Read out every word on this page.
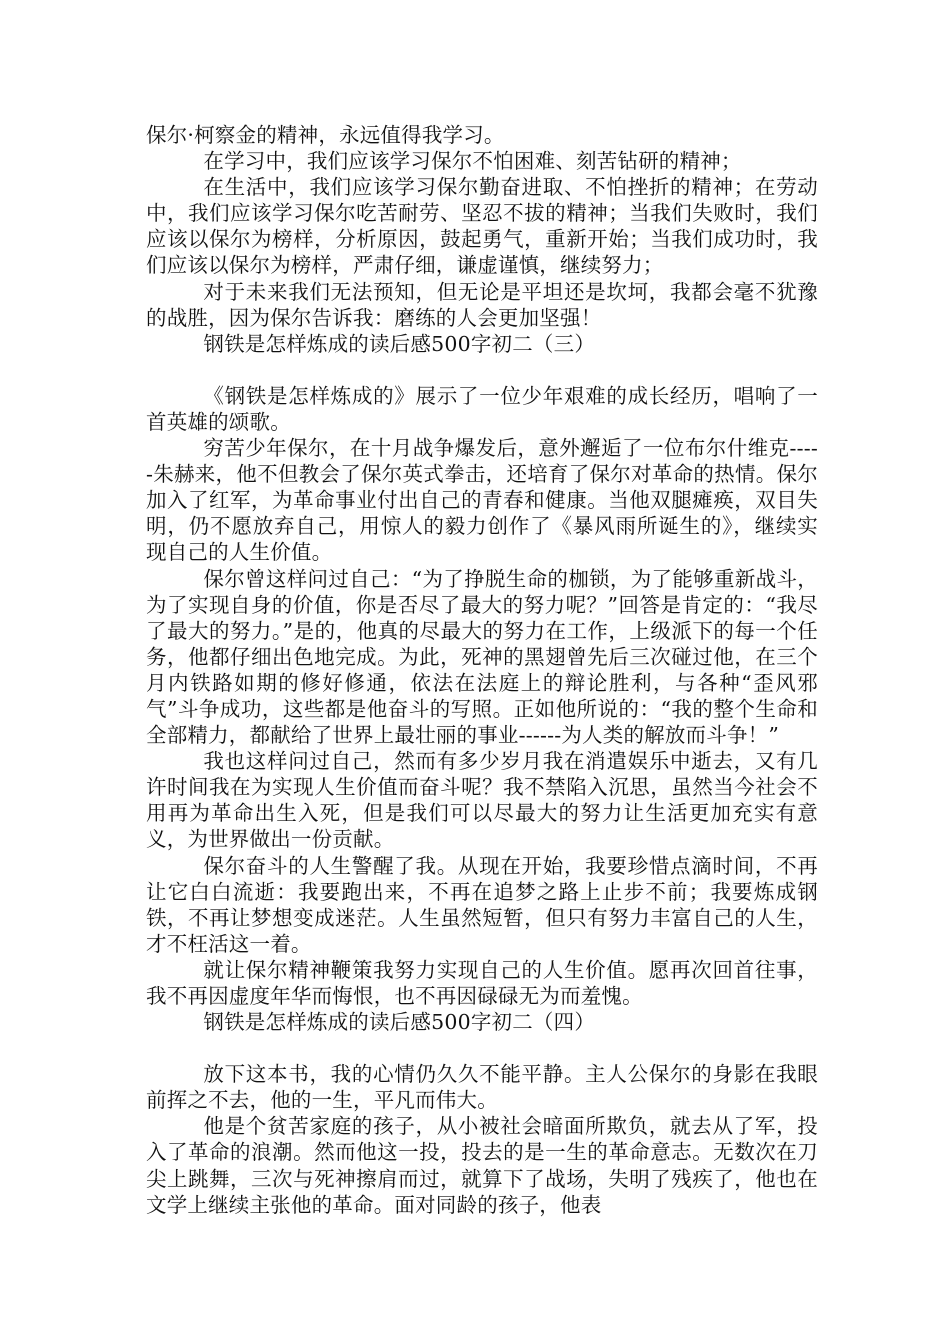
保尔·柯察金的精神，永远值得我学习。

在学习中，我们应该学习保尔不怕困难、刻苦钻研的精神；

在生活中，我们应该学习保尔勤奋进取、不怕挫折的精神；在劳动中，我们应该学习保尔吃苦耐劳、坚忍不拔的精神；当我们失败时，我们应该以保尔为榜样，分析原因，鼓起勇气，重新开始；当我们成功时，我们应该以保尔为榜样，严肃仔细，谦虚谨慎，继续努力；

对于未来我们无法预知，但无论是平坦还是坎坷，我都会毫不犹豫的战胜，因为保尔告诉我：磨练的人会更加坚强！

钢铁是怎样炼成的读后感500字初二（三）

《钢铁是怎样炼成的》展示了一位少年艰难的成长经历，唱响了一首英雄的颂歌。

穷苦少年保尔，在十月战争爆发后，意外邂逅了一位布尔什维克-----朱赫来，他不但教会了保尔英式拳击，还培育了保尔对革命的热情。保尔加入了红军，为革命事业付出自己的青春和健康。当他双腿瘫痪，双目失明，仍不愿放弃自己，用惊人的毅力创作了《暴风雨所诞生的》，继续实现自己的人生价值。

保尔曾这样问过自己：“为了挣脱生命的枷锁，为了能够重新战斗，为了实现自身的价值，你是否尽了最大的努力呢？”回答是肯定的：“我尽了最大的努力。”是的，他真的尽最大的努力在工作，上级派下的每一个任务，他都仔细出色地完成。为此，死神的黑翅曾先后三次碰过他，在三个月内铁路如期的修好修通，依法在法庭上的辩论胜利，与各种“歪风邪气”斗争成功，这些都是他奋斗的写照。正如他所说的：“我的整个生命和全部精力，都献给了世界上最壮丽的事业------为人类的解放而斗争！”

我也这样问过自己，然而有多少岁月我在消遣娱乐中逝去，又有几许时间我在为实现人生价值而奋斗呢？我不禁陷入沉思，虽然当今社会不用再为革命出生入死，但是我们可以尽最大的努力让生活更加充实有意义，为世界做出一份贡献。

保尔奋斗的人生警醒了我。从现在开始，我要珍惜点滴时间，不再让它白白流逝：我要跑出来，不再在追梦之路上止步不前；我要炼成钢铁，不再让梦想变成迷茫。人生虽然短暂，但只有努力丰富自己的人生，才不枉活这一着。

就让保尔精神鞭策我努力实现自己的人生价值。愿再次回首往事，我不再因虚度年华而悔恨，也不再因碌碌无为而羞愧。

钢铁是怎样炼成的读后感500字初二（四）

放下这本书，我的心情仍久久不能平静。主人公保尔的身影在我眼前挥之不去，他的一生，平凡而伟大。

他是个贫苦家庭的孩子，从小被社会暗面所欺负，就去从了军，投入了革命的浪潮。然而他这一投，投去的是一生的革命意志。无数次在刀尖上跳舞，三次与死神擦肩而过，就算下了战场，失明了残疾了，他也在文学上继续主张他的革命。面对同龄的孩子，他表
